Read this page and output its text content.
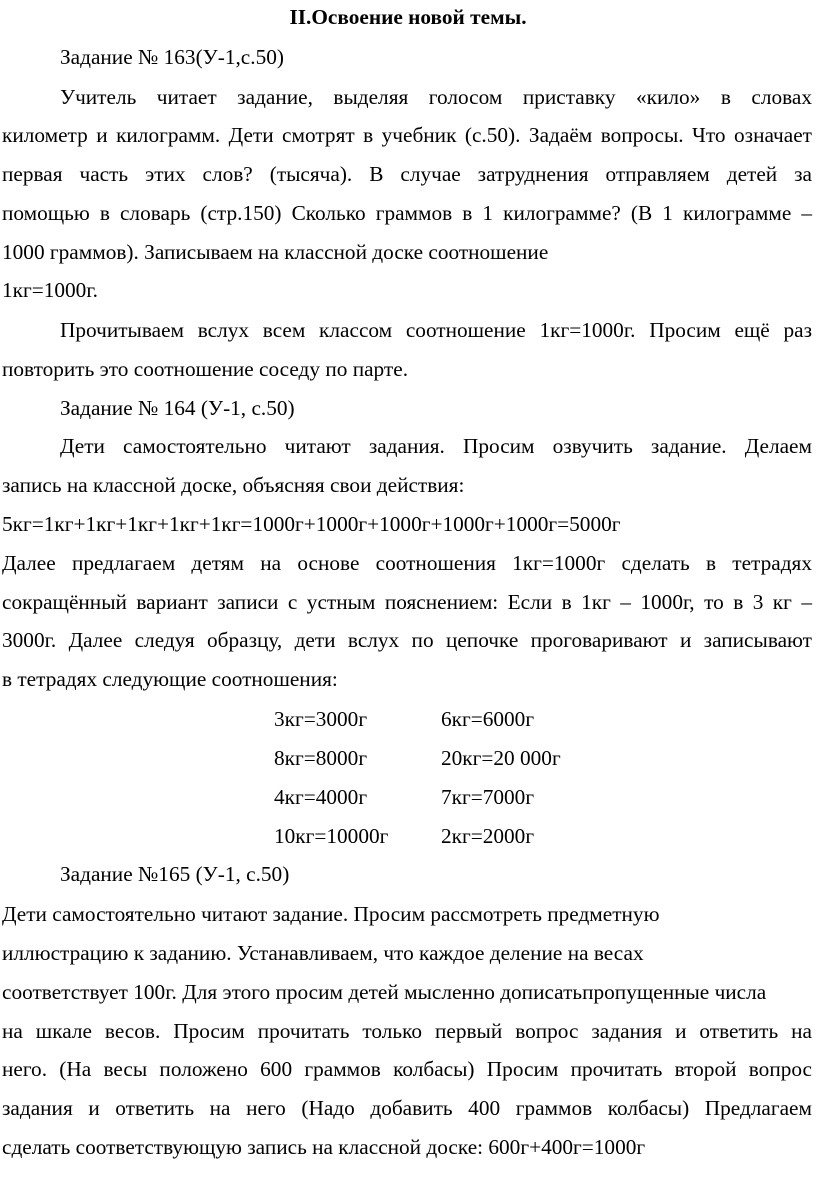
II.Освоение новой темы.
Задание № 163(У-1,с.50)
Учитель читает задание, выделяя голосом приставку «кило» в словах
километр и килограмм. Дети смотрят в учебник (с.50). Задаём вопросы. Что означает
первая часть этих слов? (тысяча). В случае затруднения отправляем детей за
помощью в словарь (стр.150) Сколько граммов в 1 килограмме? (В 1 килограмме –
1000 граммов). Записываем на классной доске соотношение
1кг=1000г.
Прочитываем вслух всем классом соотношение 1кг=1000г. Просим ещё раз
повторить это соотношение соседу по парте.
Задание № 164 (У-1, с.50)
Дети самостоятельно читают задания. Просим озвучить задание. Делаем
запись на классной доске, объясняя свои действия:
5кг=1кг+1кг+1кг+1кг+1кг=1000г+1000г+1000г+1000г+1000г=5000г
Далее предлагаем детям на основе соотношения 1кг=1000г сделать в тетрадях
сокращённый вариант записи с устным пояснением: Если в 1кг – 1000г, то в 3 кг –
3000г. Далее следуя образцу, дети вслух по цепочке проговаривают и записывают
в тетрадях следующие соотношения:
3кг=3000г	6кг=6000г
8кг=8000г	20кг=20 000г
4кг=4000г	7кг=7000г
10кг=10000г 2кг=2000г
Задание №165 (У-1, с.50)
Дети самостоятельно читают задание. Просим рассмотреть предметную
иллюстрацию к заданию. Устанавливаем, что каждое деление на весах
соответствует 100г. Для этого просим детей мысленно дописатьпропущенные числа
на шкале весов. Просим прочитать только первый вопрос задания и ответить на
него. (На весы положено 600 граммов колбасы) Просим прочитать второй вопрос
задания и ответить на него (Надо добавить 400 граммов колбасы) Предлагаем
сделать соответствующую запись на классной доске: 600г+400г=1000г
